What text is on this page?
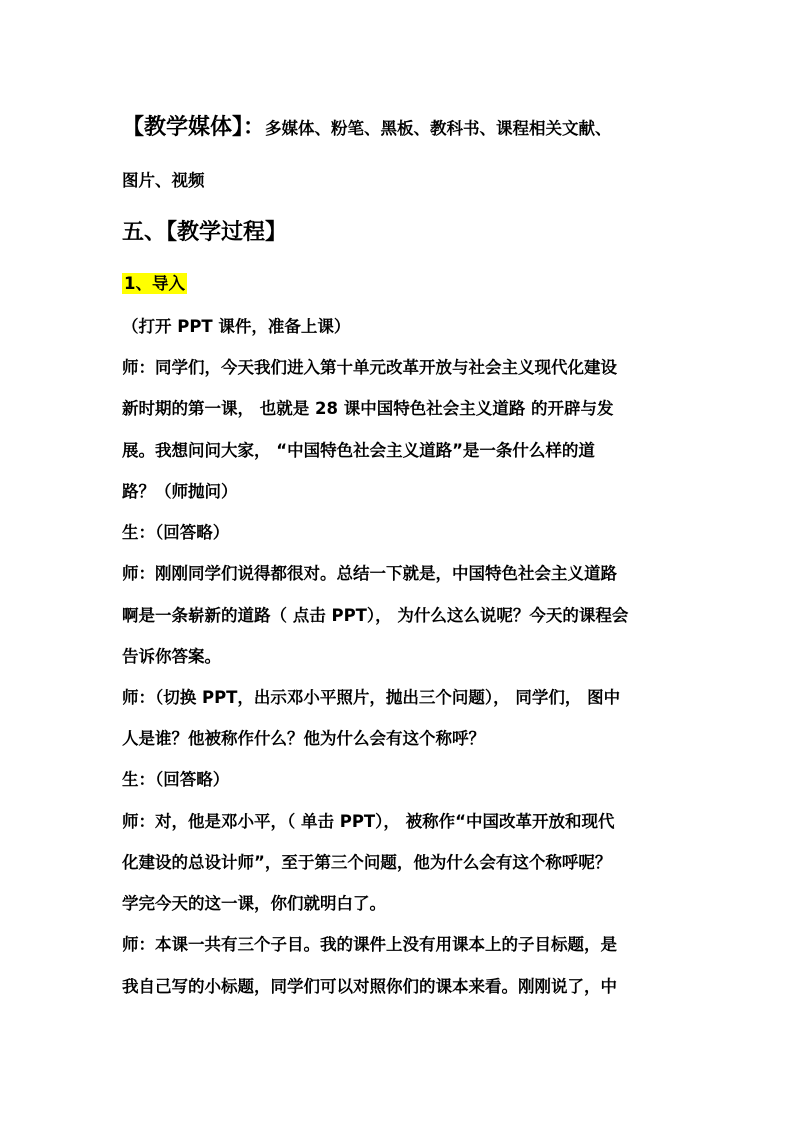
【教学媒体】：多媒体、粉笔、黑板、教科书、课程相关文献、
图片、视频
五、【教学过程】
1、导入
（打开 PPT 课件，准备上课）
师：同学们，今天我们进入第十单元改革开放与社会主义现代化建设
新时期的第一课， 也就是 28 课中国特色社会主义道路 的开辟与发
展。我想问问大家， “中国特色社会主义道路”是一条什么样的道
路？（师抛问）
生：（回答略）
师：刚刚同学们说得都很对。总结一下就是，中国特色社会主义道路
啊是一条崭新的道路（ 点击 PPT）， 为什么这么说呢？今天的课程会
告诉你答案。
师：（切换 PPT，出示邓小平照片，抛出三个问题）， 同学们， 图中
人是谁？他被称作什么？他为什么会有这个称呼？
生：（回答略）
师：对，他是邓小平，（ 单击 PPT）， 被称作“中国改革开放和现代
化建设的总设计师”，至于第三个问题，他为什么会有这个称呼呢？
学完今天的这一课，你们就明白了。
师：本课一共有三个子目。我的课件上没有用课本上的子目标题，是
我自己写的小标题，同学们可以对照你们的课本来看。刚刚说了，中
